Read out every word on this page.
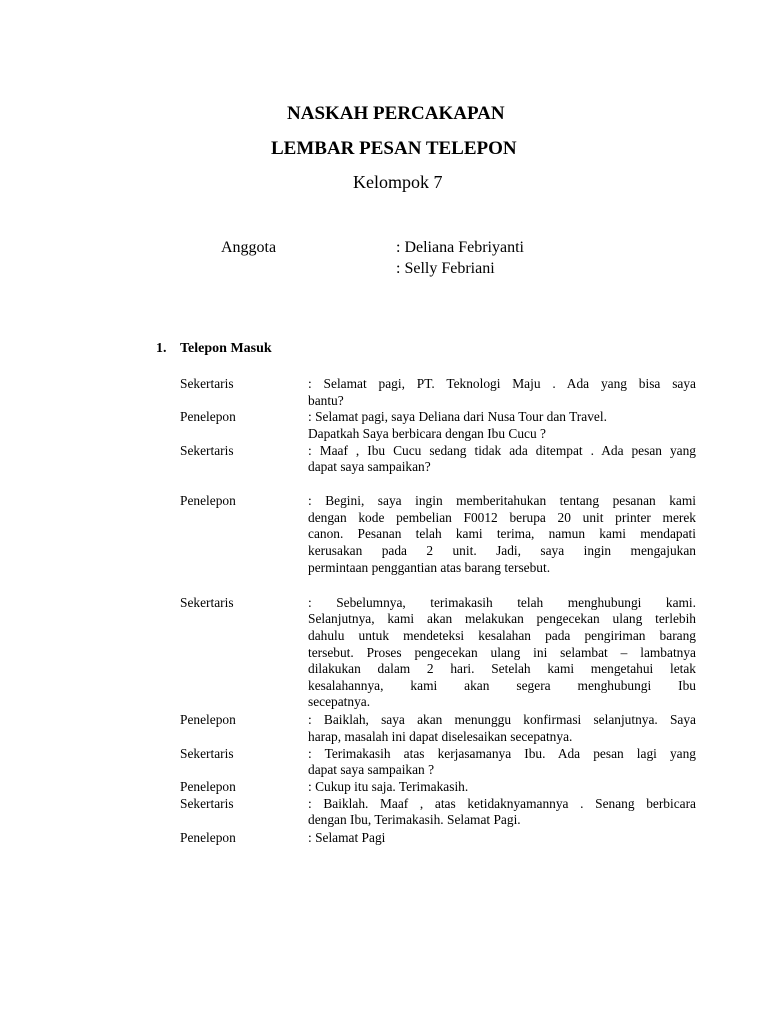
NASKAH PERCAKAPAN
LEMBAR PESAN TELEPON
Kelompok 7
Anggota	: Deliana Febriyanti
: Selly Febriani
1. Telepon Masuk
Sekertaris	: Selamat pagi, PT. Teknologi Maju . Ada yang bisa saya
bantu?
Penelepon	: Selamat pagi, saya Deliana dari Nusa Tour dan Travel.
Dapatkah Saya berbicara dengan Ibu Cucu ?
Sekertaris	: Maaf , Ibu Cucu sedang tidak ada ditempat . Ada pesan yang
dapat saya sampaikan?
Penelepon	: Begini, saya ingin memberitahukan tentang pesanan kami
dengan kode pembelian F0012 berupa 20 unit printer merek
canon. Pesanan telah kami terima, namun kami mendapati
kerusakan pada 2 unit. Jadi, saya ingin mengajukan
permintaan penggantian atas barang tersebut.
Sekertaris	: Sebelumnya, terimakasih telah menghubungi kami.
Selanjutnya, kami akan melakukan pengecekan ulang terlebih
dahulu untuk mendeteksi kesalahan pada pengiriman barang
tersebut. Proses pengecekan ulang ini selambat – lambatnya
dilakukan dalam 2 hari. Setelah kami mengetahui letak
kesalahannya, kami akan segera menghubungi Ibu
secepatnya.
Penelepon	: Baiklah, saya akan menunggu konfirmasi selanjutnya. Saya
harap, masalah ini dapat diselesaikan secepatnya.
Sekertaris	: Terimakasih atas kerjasamanya Ibu. Ada pesan lagi yang
dapat saya sampaikan ?
Penelepon	: Cukup itu saja. Terimakasih.
Sekertaris	: Baiklah. Maaf , atas ketidaknyamannya . Senang berbicara
dengan Ibu, Terimakasih. Selamat Pagi.
Penelepon	: Selamat Pagi
